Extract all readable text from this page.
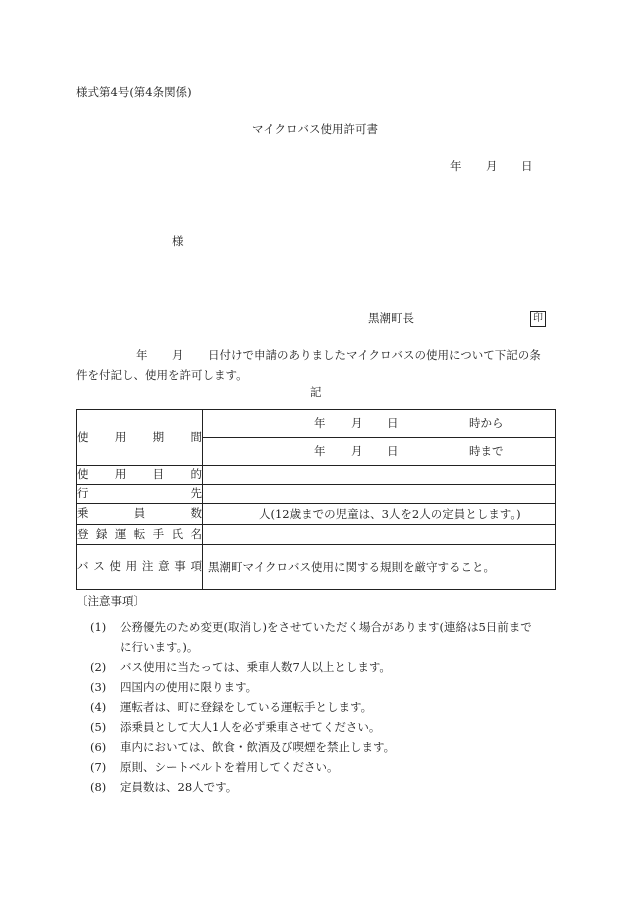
様式第4号(第4条関係)
マイクロバス使用許可書
年 月 日
様
黒潮町長	印
年 月 日付けで申請のありましたマイクロバスの使用について下記の条
件を付記し、使用を許可します。
記
使用期間	年 月 日 時から

	年 月 日 時まで

使用目的	

行先	

乗員数	人(12歳までの児童は、3人を2人の定員とします。)

登録運転手氏名	

バス使用注意事項	黒潮町マイクロバス使用に関する規則を厳守すること。
〔注意事項〕
(1)	公務優先のため変更(取消し)をさせていただく場合があります(連絡は5日前まで
に行います。)。
(2)	バス使用に当たっては、乗車人数7人以上とします。
(3)	四国内の使用に限ります。
(4)	運転者は、町に登録をしている運転手とします。
(5)	添乗員として大人1人を必ず乗車させてください。
(6)	車内においては、飲食・飲酒及び喫煙を禁止します。
(7)	原則、シートベルトを着用してください。
(8)	定員数は、28人です。
